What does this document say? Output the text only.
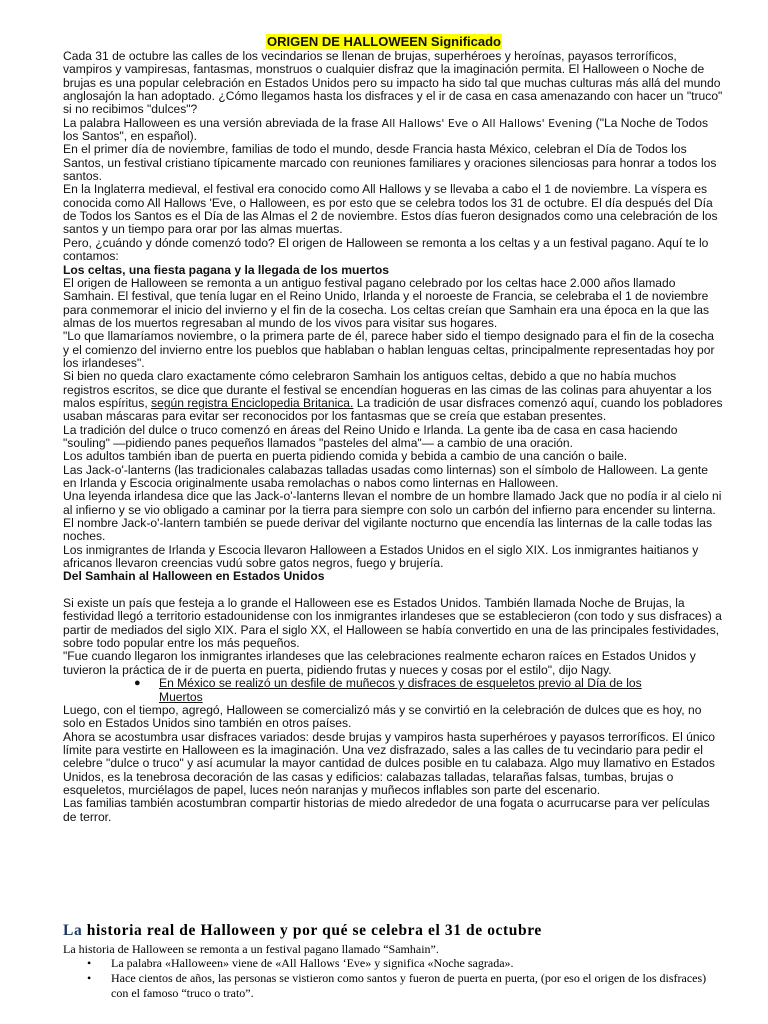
ORIGEN DE HALLOWEEN Significado

Cada 31 de octubre las calles de los vecindarios se llenan de brujas, superhéroes y heroínas, payasos terroríficos, vampiros y vampiresas, fantasmas, monstruos o cualquier disfraz que la imaginación permita. El Halloween o Noche de brujas es una popular celebración en Estados Unidos pero su impacto ha sido tal que muchas culturas más allá del mundo anglosajón la han adoptado. ¿Cómo llegamos hasta los disfraces y el ir de casa en casa amenazando con hacer un "truco" si no recibimos "dulces"?

La palabra Halloween es una versión abreviada de la frase All Hallows' Eve o All Hallows' Evening ("La Noche de Todos los Santos", en español).

En el primer día de noviembre, familias de todo el mundo, desde Francia hasta México, celebran el Día de Todos los Santos, un festival cristiano típicamente marcado con reuniones familiares y oraciones silenciosas para honrar a todos los santos.

En la Inglaterra medieval, el festival era conocido como All Hallows y se llevaba a cabo el 1 de noviembre. La víspera es conocida como All Hallows 'Eve, o Halloween, es por esto que se celebra todos los 31 de octubre. El día después del Día de Todos los Santos es el Día de las Almas el 2 de noviembre. Estos días fueron designados como una celebración de los santos y un tiempo para orar por las almas muertas.

Pero, ¿cuándo y dónde comenzó todo? El origen de Halloween se remonta a los celtas y a un festival pagano. Aquí te lo contamos:

Los celtas, una fiesta pagana y la llegada de los muertos

El origen de Halloween se remonta a un antiguo festival pagano celebrado por los celtas hace 2.000 años llamado Samhain. El festival, que tenía lugar en el Reino Unido, Irlanda y el noroeste de Francia, se celebraba el 1 de noviembre para conmemorar el inicio del invierno y el fin de la cosecha. Los celtas creían que Samhain era una época en la que las almas de los muertos regresaban al mundo de los vivos para visitar sus hogares.

"Lo que llamaríamos noviembre, o la primera parte de él, parece haber sido el tiempo designado para el fin de la cosecha y el comienzo del invierno entre los pueblos que hablaban o hablan lenguas celtas, principalmente representadas hoy por los irlandeses".

Si bien no queda claro exactamente cómo celebraron Samhain los antiguos celtas, debido a que no había muchos registros escritos, se dice que durante el festival se encendían hogueras en las cimas de las colinas para ahuyentar a los malos espíritus, según registra Enciclopedia Britanica. La tradición de usar disfraces comenzó aquí, cuando los pobladores usaban máscaras para evitar ser reconocidos por los fantasmas que se creía que estaban presentes.

La tradición del dulce o truco comenzó en áreas del Reino Unido e Irlanda. La gente iba de casa en casa haciendo "souling" —pidiendo panes pequeños llamados "pasteles del alma"— a cambio de una oración.

Los adultos también iban de puerta en puerta pidiendo comida y bebida a cambio de una canción o baile.

Las Jack-o'-lanterns (las tradicionales calabazas talladas usadas como linternas) son el símbolo de Halloween. La gente en Irlanda y Escocia originalmente usaba remolachas o nabos como linternas en Halloween.

Una leyenda irlandesa dice que las Jack-o'-lanterns llevan el nombre de un hombre llamado Jack que no podía ir al cielo ni al infierno y se vio obligado a caminar por la tierra para siempre con solo un carbón del infierno para encender su linterna.

El nombre Jack-o'-lantern también se puede derivar del vigilante nocturno que encendía las linternas de la calle todas las noches.

Los inmigrantes de Irlanda y Escocia llevaron Halloween a Estados Unidos en el siglo XIX. Los inmigrantes haitianos y africanos llevaron creencias vudú sobre gatos negros, fuego y brujería.

Del Samhain al Halloween en Estados Unidos

Si existe un país que festeja a lo grande el Halloween ese es Estados Unidos. También llamada Noche de Brujas, la festividad llegó a territorio estadounidense con los inmigrantes irlandeses que se establecieron (con todo y sus disfraces) a partir de mediados del siglo XIX. Para el siglo XX, el Halloween se había convertido en una de las principales festividades, sobre todo popular entre los más pequeños.

"Fue cuando llegaron los inmigrantes irlandeses que las celebraciones realmente echaron raíces en Estados Unidos y tuvieron la práctica de ir de puerta en puerta, pidiendo frutas y nueces y cosas por el estilo", dijo Nagy.

● En México se realizó un desfile de muñecos y disfraces de esqueletos previo al Día de los
Muertos

Luego, con el tiempo, agregó, Halloween se comercializó más y se convirtió en la celebración de dulces que es hoy, no solo en Estados Unidos sino también en otros países.

Ahora se acostumbra usar disfraces variados: desde brujas y vampiros hasta superhéroes y payasos terroríficos. El único límite para vestirte en Halloween es la imaginación. Una vez disfrazado, sales a las calles de tu vecindario para pedir el celebre "dulce o truco" y así acumular la mayor cantidad de dulces posible en tu calabaza. Algo muy llamativo en Estados Unidos, es la tenebrosa decoración de las casas y edificios: calabazas talladas, telarañas falsas, tumbas, brujas o esqueletos, murciélagos de papel, luces neón naranjas y muñecos inflables son parte del escenario.

Las familias también acostumbran compartir historias de miedo alrededor de una fogata o acurrucarse para ver películas de terror.

La historia real de Halloween y por qué se celebra el 31 de octubre

La historia de Halloween se remonta a un festival pagano llamado “Samhain”.

• La palabra «Halloween» viene de «All Hallows ‘Eve» y significa «Noche sagrada».
• Hace cientos de años, las personas se vistieron como santos y fueron de puerta en puerta, (por eso el origen de los disfraces) con el famoso “truco o trato”.
